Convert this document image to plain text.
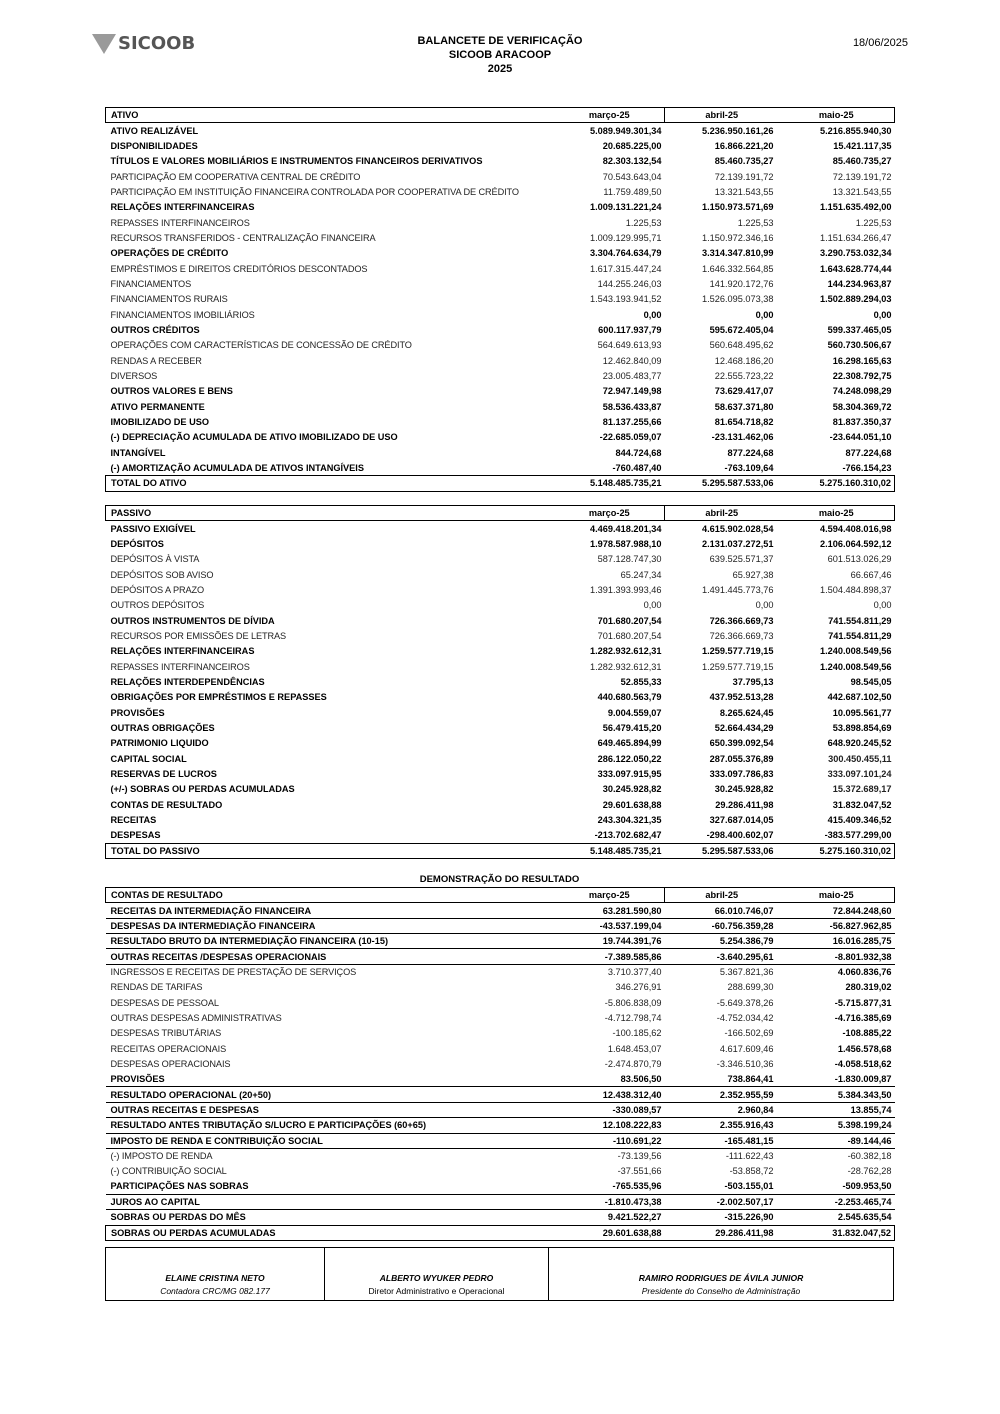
SICOOB	BALANCETE DE VERIFICAÇÃO
SICOOB ARACOOP
2025
18/06/2025
ATIVO	março-25	abril-25	maio-25
ATIVO REALIZÁVEL	5.089.949.301,34	5.236.950.161,26	5.216.855.940,30
DISPONIBILIDADES	20.685.225,00	16.866.221,20	15.421.117,35
TÍTULOS E VALORES MOBILIÁRIOS E INSTRUMENTOS FINANCEIROS DERIVATIVOS	82.303.132,54	85.460.735,27	85.460.735,27
PARTICIPAÇÃO EM COOPERATIVA CENTRAL DE CRÉDITO	70.543.643,04	72.139.191,72	72.139.191,72
PARTICIPAÇÃO EM INSTITUIÇÃO FINANCEIRA CONTROLADA POR COOPERATIVA DE CRÉDITO	11.759.489,50	13.321.543,55	13.321.543,55
RELAÇÕES INTERFINANCEIRAS	1.009.131.221,24	1.150.973.571,69	1.151.635.492,00
REPASSES INTERFINANCEIROS	1.225,53	1.225,53	1.225,53
RECURSOS TRANSFERIDOS - CENTRALIZAÇÃO FINANCEIRA	1.009.129.995,71	1.150.972.346,16	1.151.634.266,47
OPERAÇÕES DE CRÉDITO	3.304.764.634,79	3.314.347.810,99	3.290.753.032,34
EMPRÉSTIMOS E DIREITOS CREDITÓRIOS DESCONTADOS	1.617.315.447,24	1.646.332.564,85	1.643.628.774,44
FINANCIAMENTOS	144.255.246,03	141.920.172,76	144.234.963,87
FINANCIAMENTOS RURAIS	1.543.193.941,52	1.526.095.073,38	1.502.889.294,03
FINANCIAMENTOS IMOBILIÁRIOS	0,00	0,00	0,00
OUTROS CRÉDITOS	600.117.937,79	595.672.405,04	599.337.465,05
OPERAÇÕES COM CARACTERÍSTICAS DE CONCESSÃO DE CRÉDITO	564.649.613,93	560.648.495,62	560.730.506,67
RENDAS A RECEBER	12.462.840,09	12.468.186,20	16.298.165,63
DIVERSOS	23.005.483,77	22.555.723,22	22.308.792,75
OUTROS VALORES E BENS	72.947.149,98	73.629.417,07	74.248.098,29
ATIVO PERMANENTE	58.536.433,87	58.637.371,80	58.304.369,72
IMOBILIZADO DE USO	81.137.255,66	81.654.718,82	81.837.350,37
(-) DEPRECIAÇÃO ACUMULADA DE ATIVO IMOBILIZADO DE USO	-22.685.059,07	-23.131.462,06	-23.644.051,10
INTANGÍVEL	844.724,68	877.224,68	877.224,68
(-) AMORTIZAÇÃO ACUMULADA DE ATIVOS INTANGÍVEIS	-760.487,40	-763.109,64	-766.154,23
TOTAL DO ATIVO	5.148.485.735,21	5.295.587.533,06	5.275.160.310,02
PASSIVO	março-25	abril-25	maio-25
PASSIVO EXIGÍVEL	4.469.418.201,34	4.615.902.028,54	4.594.408.016,98
DEPÓSITOS	1.978.587.988,10	2.131.037.272,51	2.106.064.592,12
DEPÓSITOS À VISTA	587.128.747,30	639.525.571,37	601.513.026,29
DEPÓSITOS SOB AVISO	65.247,34	65.927,38	66.667,46
DEPÓSITOS A PRAZO	1.391.393.993,46	1.491.445.773,76	1.504.484.898,37
OUTROS DEPÓSITOS	0,00	0,00	0,00
OUTROS INSTRUMENTOS DE DÍVIDA	701.680.207,54	726.366.669,73	741.554.811,29
RECURSOS POR EMISSÕES DE LETRAS	701.680.207,54	726.366.669,73	741.554.811,29
RELAÇÕES INTERFINANCEIRAS	1.282.932.612,31	1.259.577.719,15	1.240.008.549,56
REPASSES INTERFINANCEIROS	1.282.932.612,31	1.259.577.719,15	1.240.008.549,56
RELAÇÕES INTERDEPENDÊNCIAS	52.855,33	37.795,13	98.545,05
OBRIGAÇÕES POR EMPRÉSTIMOS E REPASSES	440.680.563,79	437.952.513,28	442.687.102,50
PROVISÕES	9.004.559,07	8.265.624,45	10.095.561,77
OUTRAS OBRIGAÇÕES	56.479.415,20	52.664.434,29	53.898.854,69
PATRIMONIO LIQUIDO	649.465.894,99	650.399.092,54	648.920.245,52
CAPITAL SOCIAL	286.122.050,22	287.055.376,89	300.450.455,11
RESERVAS DE LUCROS	333.097.915,95	333.097.786,83	333.097.101,24
(+/-) SOBRAS OU PERDAS ACUMULADAS	30.245.928,82	30.245.928,82	15.372.689,17
CONTAS DE RESULTADO	29.601.638,88	29.286.411,98	31.832.047,52
RECEITAS	243.304.321,35	327.687.014,05	415.409.346,52
DESPESAS	-213.702.682,47	-298.400.602,07	-383.577.299,00
TOTAL DO PASSIVO	5.148.485.735,21	5.295.587.533,06	5.275.160.310,02
DEMONSTRAÇÃO DO RESULTADO
CONTAS DE RESULTADO	março-25	abril-25	maio-25
RECEITAS DA INTERMEDIAÇÃO FINANCEIRA	63.281.590,80	66.010.746,07	72.844.248,60
DESPESAS DA INTERMEDIAÇÃO FINANCEIRA	-43.537.199,04	-60.756.359,28	-56.827.962,85
RESULTADO BRUTO DA INTERMEDIAÇÃO FINANCEIRA (10-15)	19.744.391,76	5.254.386,79	16.016.285,75
OUTRAS RECEITAS /DESPESAS OPERACIONAIS	-7.389.585,86	-3.640.295,61	-8.801.932,38
INGRESSOS E RECEITAS DE PRESTAÇÃO DE SERVIÇOS	3.710.377,40	5.367.821,36	4.060.836,76
RENDAS DE TARIFAS	346.276,91	288.699,30	280.319,02
DESPESAS DE PESSOAL	-5.806.838,09	-5.649.378,26	-5.715.877,31
OUTRAS DESPESAS ADMINISTRATIVAS	-4.712.798,74	-4.752.034,42	-4.716.385,69
DESPESAS TRIBUTÁRIAS	-100.185,62	-166.502,69	-108.885,22
RECEITAS OPERACIONAIS	1.648.453,07	4.617.609,46	1.456.578,68
DESPESAS OPERACIONAIS	-2.474.870,79	-3.346.510,36	-4.058.518,62
PROVISÕES	83.506,50	738.864,41	-1.830.009,87
RESULTADO OPERACIONAL (20+50)	12.438.312,40	2.352.955,59	5.384.343,50
OUTRAS RECEITAS E DESPESAS	-330.089,57	2.960,84	13.855,74
RESULTADO ANTES TRIBUTAÇÃO S/LUCRO E PARTICIPAÇÕES (60+65)	12.108.222,83	2.355.916,43	5.398.199,24
IMPOSTO DE RENDA E CONTRIBUIÇÃO SOCIAL	-110.691,22	-165.481,15	-89.144,46
(-) IMPOSTO DE RENDA	-73.139,56	-111.622,43	-60.382,18
(-) CONTRIBUIÇÃO SOCIAL	-37.551,66	-53.858,72	-28.762,28
PARTICIPAÇÕES NAS SOBRAS	-765.535,96	-503.155,01	-509.953,50
JUROS AO CAPITAL	-1.810.473,38	-2.002.507,17	-2.253.465,74
SOBRAS OU PERDAS DO MÊS	9.421.522,27	-315.226,90	2.545.635,54
SOBRAS OU PERDAS ACUMULADAS	29.601.638,88	29.286.411,98	31.832.047,52
ELAINE CRISTINA NETO
Contadora CRC/MG 082.177
ALBERTO WYUKER PEDRO
Diretor Administrativo e Operacional
RAMIRO RODRIGUES DE ÁVILA JUNIOR
Presidente do Conselho de Administração
